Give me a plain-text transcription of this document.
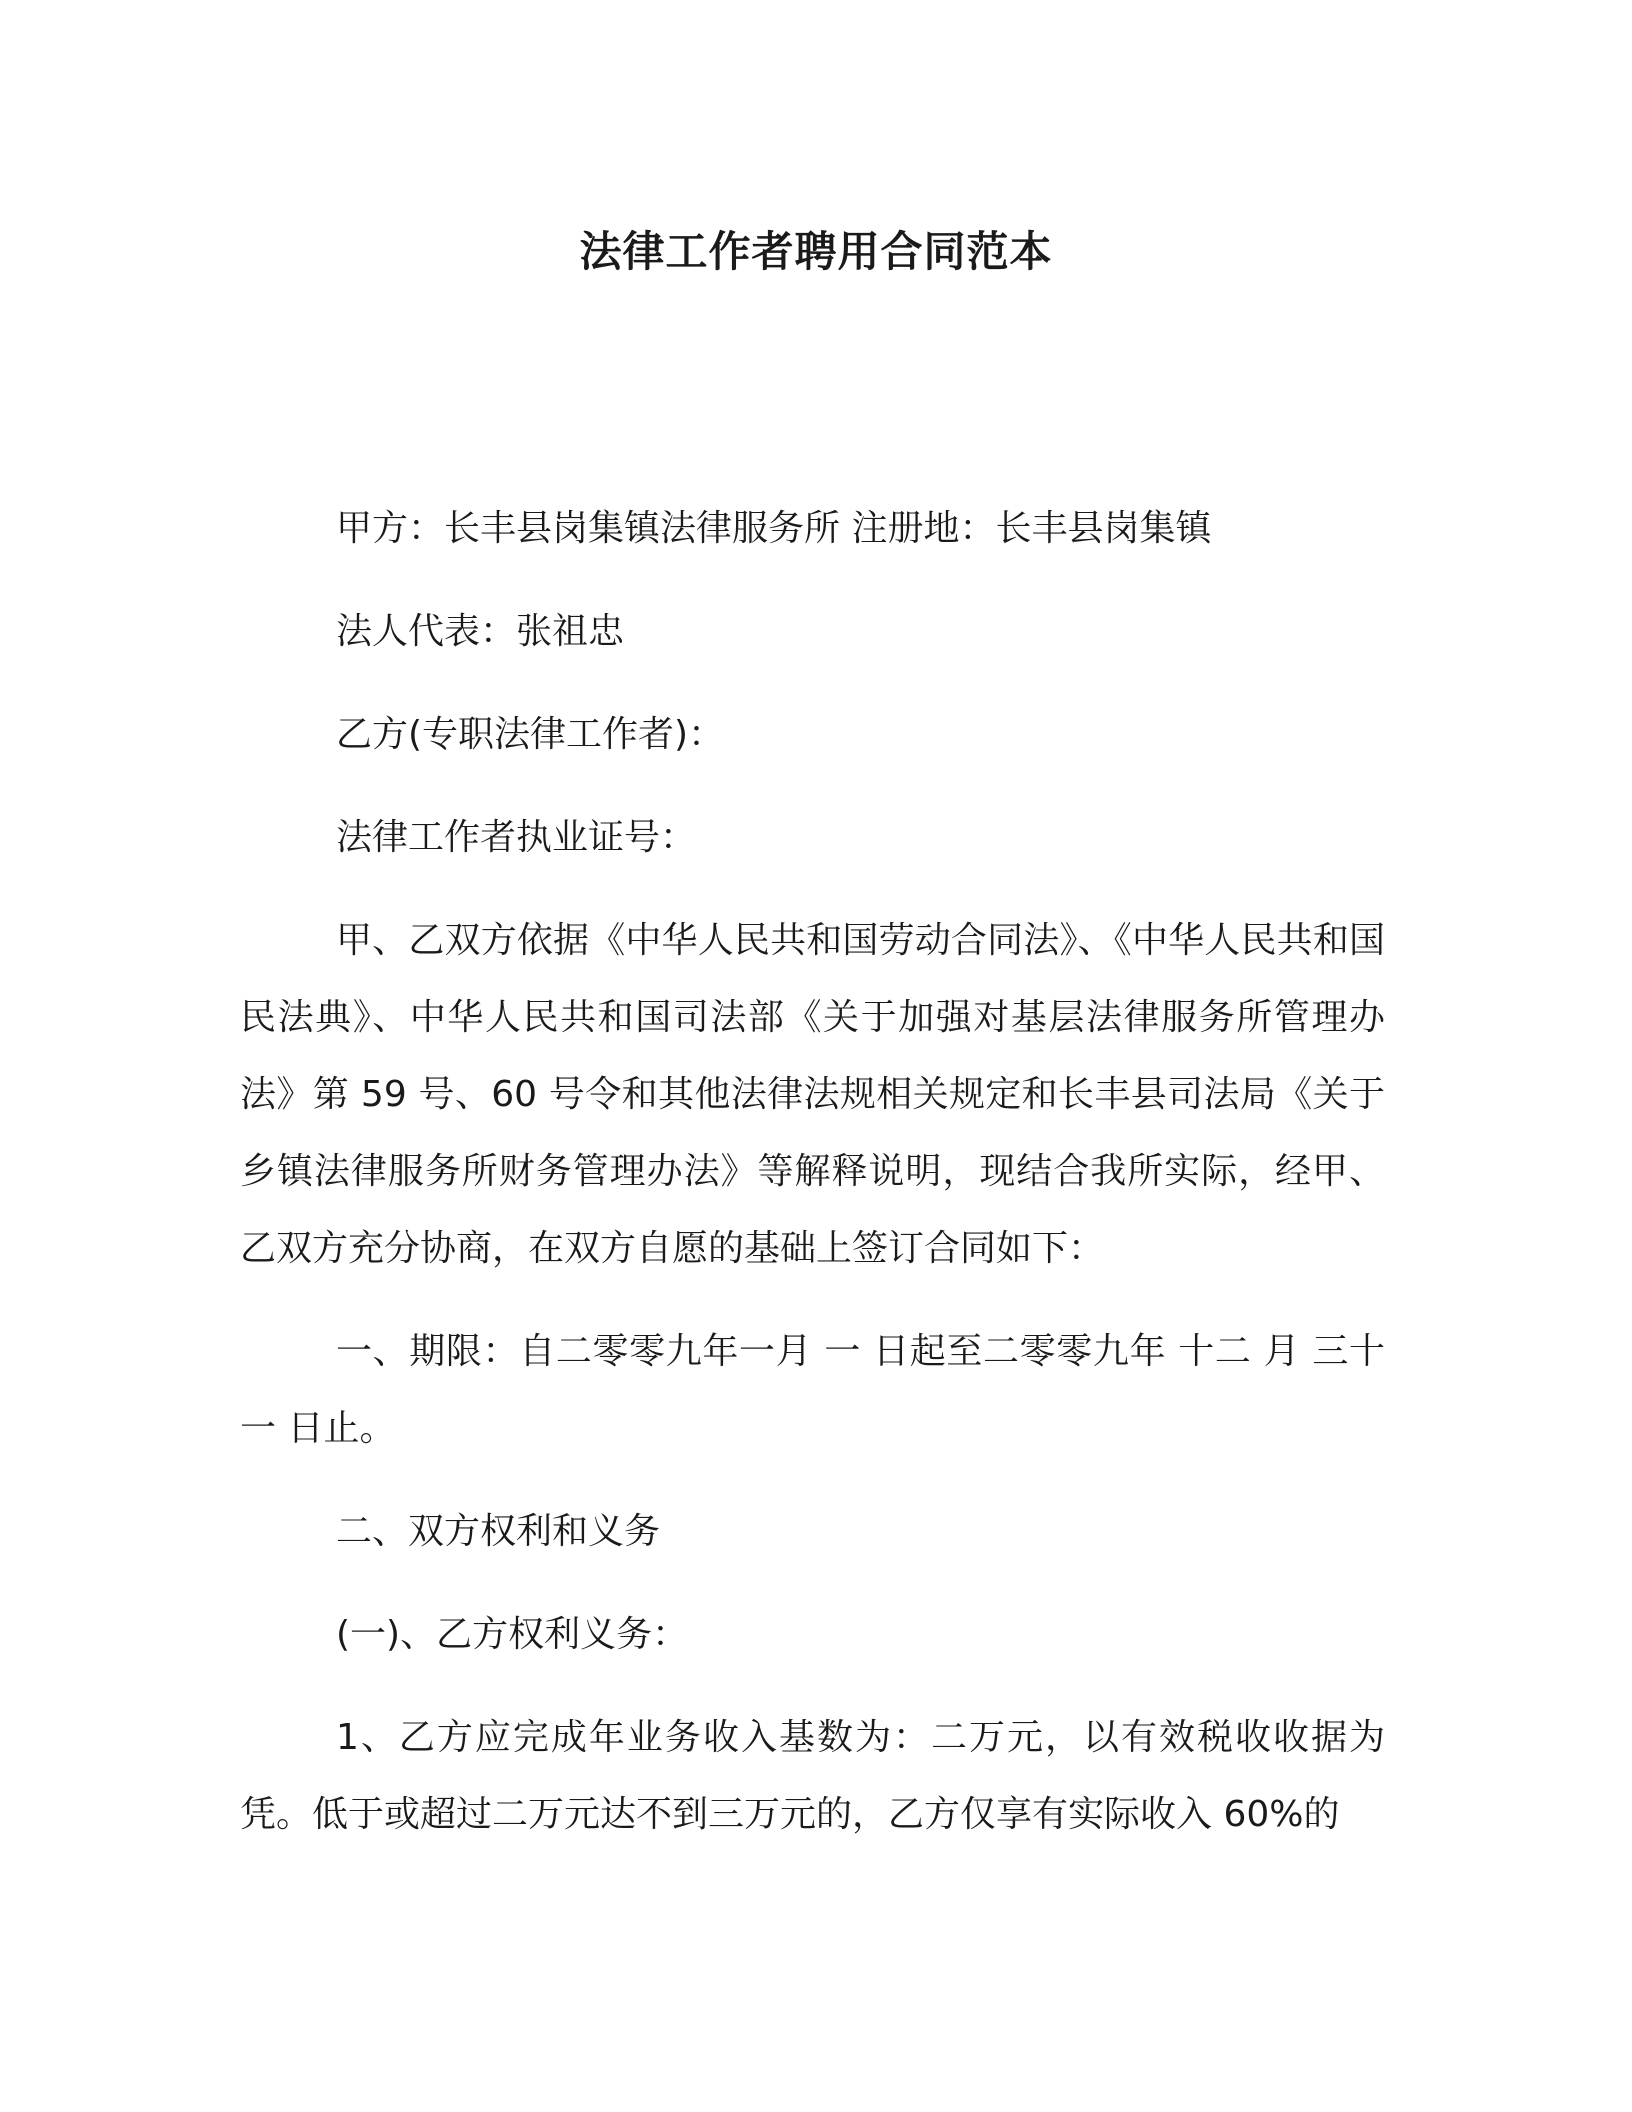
法律工作者聘用合同范本

甲方：长丰县岗集镇法律服务所 注册地：长丰县岗集镇

法人代表：张祖忠

乙方(专职法律工作者)：

法律工作者执业证号：

甲、乙双方依据《中华人民共和国劳动合同法》、《中华人民共和国民法典》、中华人民共和国司法部《关于加强对基层法律服务所管理办法》第 59 号、60 号令和其他法律法规相关规定和长丰县司法局《关于乡镇法律服务所财务管理办法》等解释说明，现结合我所实际，经甲、乙双方充分协商，在双方自愿的基础上签订合同如下：

一、期限：自二零零九年一月 一 日起至二零零九年 十二 月 三十一 日止。

二、双方权利和义务

(一)、乙方权利义务：

1、乙方应完成年业务收入基数为：二万元，以有效税收收据为凭。低于或超过二万元达不到三万元的，乙方仅享有实际收入 60%的
